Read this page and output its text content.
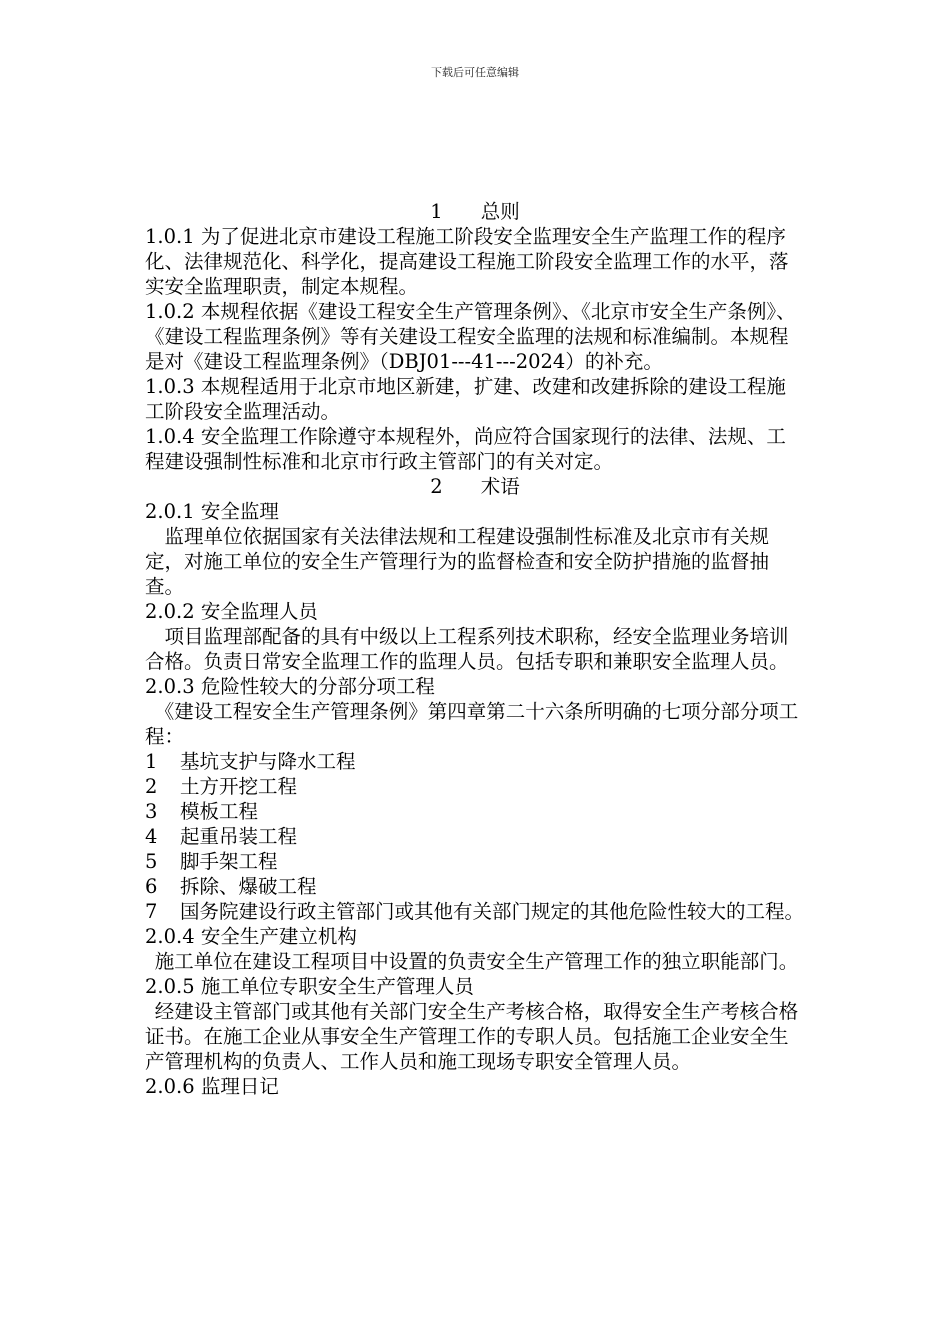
下载后可任意编辑

1 总则

1.0.1 为了促进北京市建设工程施工阶段安全监理安全生产监理工作的程序化、法律规范化、科学化，提高建设工程施工阶段安全监理工作的水平，落实安全监理职责，制定本规程。

1.0.2 本规程依据《建设工程安全生产管理条例》、《北京市安全生产条例》、《建设工程监理条例》等有关建设工程安全监理的法规和标准编制。本规程是对《建设工程监理条例》（DBJ01---41---2024）的补充。

1.0.3 本规程适用于北京市地区新建，扩建、改建和改建拆除的建设工程施工阶段安全监理活动。

1.0.4 安全监理工作除遵守本规程外，尚应符合国家现行的法律、法规、工程建设强制性标准和北京市行政主管部门的有关对定。

2 术语

2.0.1 安全监理

监理单位依据国家有关法律法规和工程建设强制性标准及北京市有关规定，对施工单位的安全生产管理行为的监督检查和安全防护措施的监督抽查。

2.0.2 安全监理人员

项目监理部配备的具有中级以上工程系列技术职称，经安全监理业务培训合格。负责日常安全监理工作的监理人员。包括专职和兼职安全监理人员。

2.0.3 危险性较大的分部分项工程

《建设工程安全生产管理条例》第四章第二十六条所明确的七项分部分项工程：

1	基坑支护与降水工程
2	土方开挖工程
3	模板工程
4	起重吊装工程
5	脚手架工程
6	拆除、爆破工程
7	国务院建设行政主管部门或其他有关部门规定的其他危险性较大的工程。

2.0.4 安全生产建立机构

施工单位在建设工程项目中设置的负责安全生产管理工作的独立职能部门。

2.0.5 施工单位专职安全生产管理人员

经建设主管部门或其他有关部门安全生产考核合格，取得安全生产考核合格证书。在施工企业从事安全生产管理工作的专职人员。包括施工企业安全生产管理机构的负责人、工作人员和施工现场专职安全管理人员。

2.0.6 监理日记
